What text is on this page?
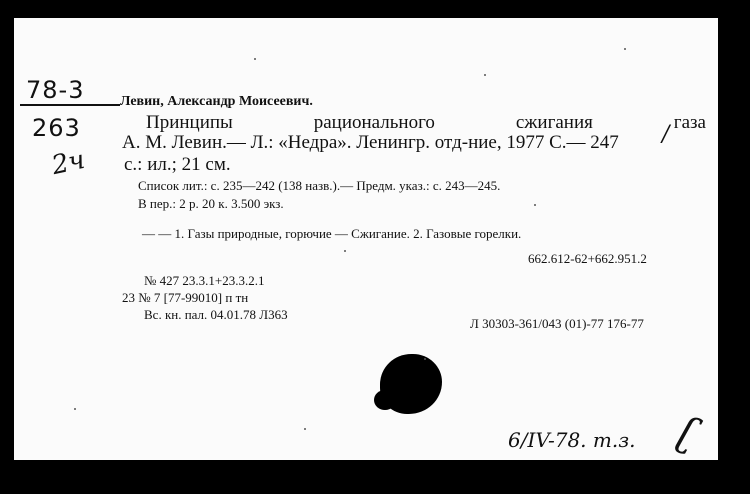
78-3
263
2ч
Левин, Александр Моисеевич.
Принципы	рационального	сжигания	газа
/
А. М. Левин.— Л.: «Недра». Ленингр. отд-ние, 1977 С.— 247
с.: ил.; 21 см.
Список лит.: с. 235—242 (138 назв.).— Предм. указ.: с. 243—245.
В пер.: 2 р. 20 к. 3.500 экз.
— — 1. Газы природные, горючие — Сжигание. 2. Газовые горелки.
662.612-62+662.951.2
№ 427 23.3.1+23.3.2.1
23 № 7 [77-99010] п тн
Вс. кн. пал. 04.01.78 Л363
Л 30303-361/043 (01)-77 176-77
6/IV-78. т.з. ʗ
